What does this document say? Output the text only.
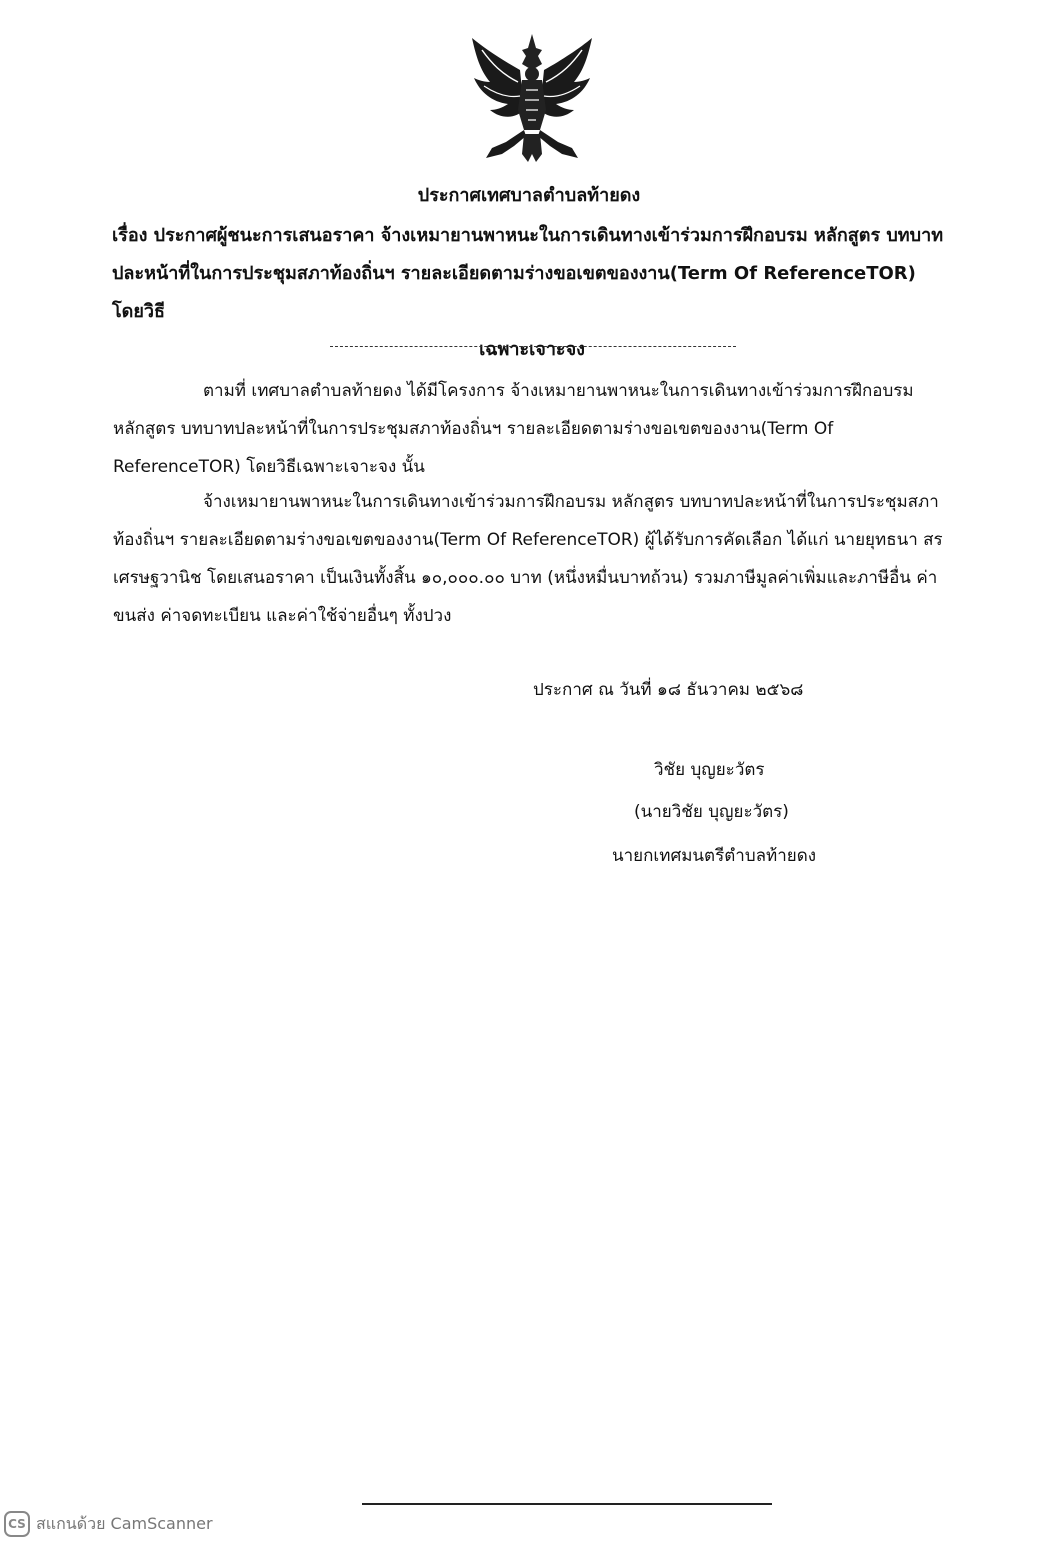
ประกาศเทศบาลตำบลท้ายดง
เรื่อง ประกาศผู้ชนะการเสนอราคา จ้างเหมายานพาหนะในการเดินทางเข้าร่วมการฝึกอบรม หลักสูตร บทบาท
ปละหน้าที่ในการประชุมสภาท้องถิ่นฯ รายละเอียดตามร่างขอเขตของงาน(Term Of ReferenceTOR) โดยวิธี
เฉพาะเจาะจง
ตามที่ เทศบาลตำบลท้ายดง ได้มีโครงการ จ้างเหมายานพาหนะในการเดินทางเข้าร่วมการฝึกอบรม หลักสูตร บทบาทปละหน้าที่ในการประชุมสภาท้องถิ่นฯ รายละเอียดตามร่างขอเขตของงาน(Term Of ReferenceTOR) โดยวิธีเฉพาะเจาะจง นั้น
จ้างเหมายานพาหนะในการเดินทางเข้าร่วมการฝึกอบรม หลักสูตร บทบาทปละหน้าที่ในการประชุมสภาท้องถิ่นฯ รายละเอียดตามร่างขอเขตของงาน(Term Of ReferenceTOR) ผู้ได้รับการคัดเลือก ได้แก่ นายยุทธนา สร เศรษฐวานิช โดยเสนอราคา เป็นเงินทั้งสิ้น ๑๐,๐๐๐.๐๐ บาท (หนึ่งหมื่นบาทถ้วน) รวมภาษีมูลค่าเพิ่มและภาษีอื่น ค่าขนส่ง ค่าจดทะเบียน และค่าใช้จ่ายอื่นๆ ทั้งปวง
ประกาศ ณ วันที่ ๑๘ ธันวาคม ๒๕๖๘
วิชัย บุญยะวัตร
(นายวิชัย บุญยะวัตร)
นายกเทศมนตรีตำบลท้ายดง
CS สแกนด้วย CamScanner
